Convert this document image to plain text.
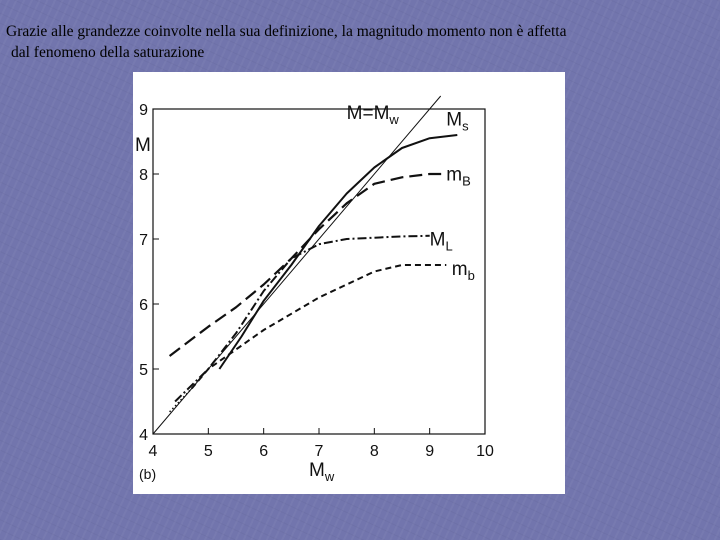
Grazie alle grandezze coinvolte nella sua definizione, la magnitudo momento non è affetta
dal fenomeno della saturazione
M
$M_w$
(b)
4	5	6	7	8	9	10
4
5
6
7
8
9	$M=M_w$ $M_s$
$m_B$
$M_L$
$m_b$
